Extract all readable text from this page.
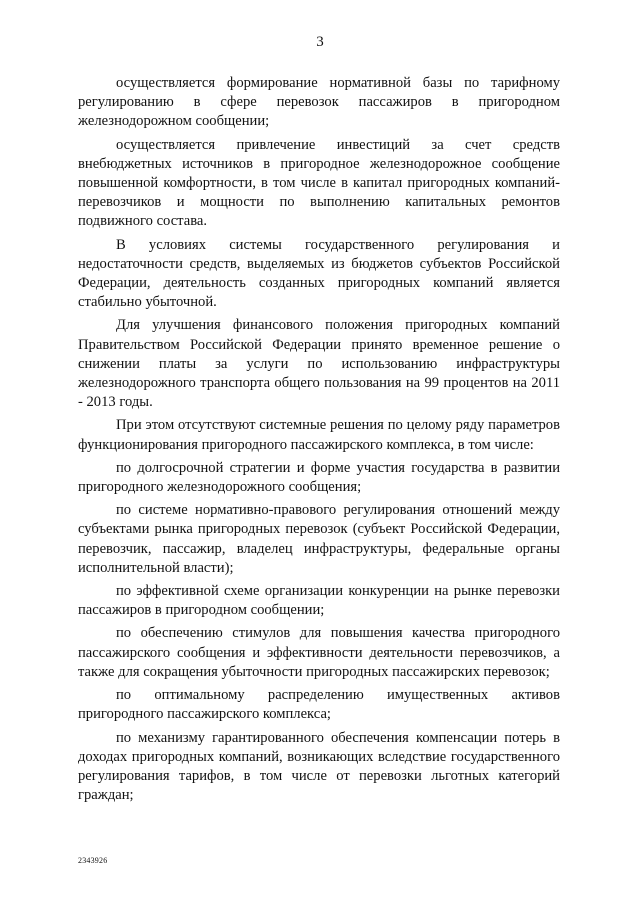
3

осуществляется формирование нормативной базы по тарифному регулированию в сфере перевозок пассажиров в пригородном железнодорожном сообщении;

осуществляется привлечение инвестиций за счет средств внебюджетных источников в пригородное железнодорожное сообщение повышенной комфортности, в том числе в капитал пригородных компаний-перевозчиков и мощности по выполнению капитальных ремонтов подвижного состава.

В условиях системы государственного регулирования и недостаточности средств, выделяемых из бюджетов субъектов Российской Федерации, деятельность созданных пригородных компаний является стабильно убыточной.

Для улучшения финансового положения пригородных компаний Правительством Российской Федерации принято временное решение о снижении платы за услуги по использованию инфраструктуры железнодорожного транспорта общего пользования на 99 процентов на 2011 - 2013 годы.

При этом отсутствуют системные решения по целому ряду параметров функционирования пригородного пассажирского комплекса, в том числе:

по долгосрочной стратегии и форме участия государства в развитии пригородного железнодорожного сообщения;

по системе нормативно-правового регулирования отношений между субъектами рынка пригородных перевозок (субъект Российской Федерации, перевозчик, пассажир, владелец инфраструктуры, федеральные органы исполнительной власти);

по эффективной схеме организации конкуренции на рынке перевозки пассажиров в пригородном сообщении;

по обеспечению стимулов для повышения качества пригородного пассажирского сообщения и эффективности деятельности перевозчиков, а также для сокращения убыточности пригородных пассажирских перевозок;

по оптимальному распределению имущественных активов пригородного пассажирского комплекса;

по механизму гарантированного обеспечения компенсации потерь в доходах пригородных компаний, возникающих вследствие государственного регулирования тарифов, в том числе от перевозки льготных категорий граждан;

2343926
